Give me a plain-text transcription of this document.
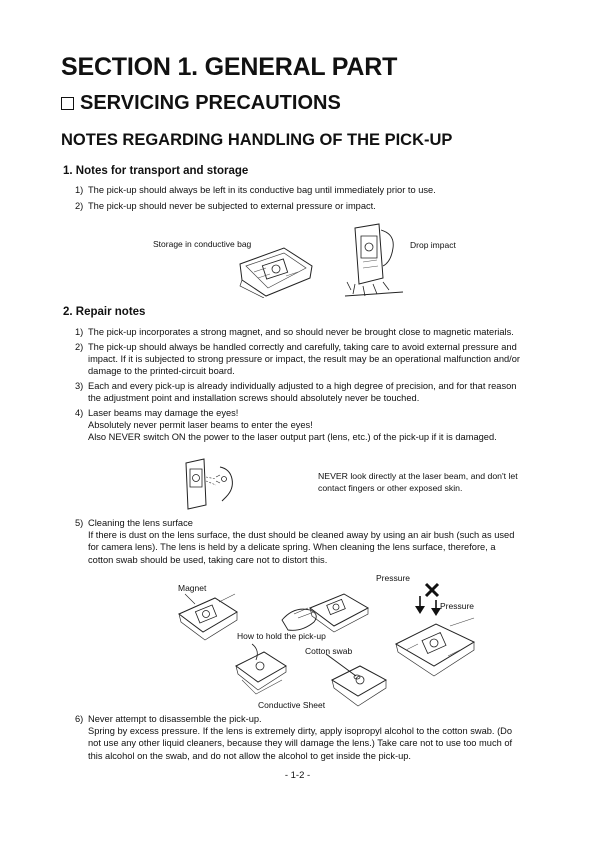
SECTION 1. GENERAL PART
SERVICING PRECAUTIONS
NOTES REGARDING HANDLING OF THE PICK-UP
1. Notes for transport and storage
1) The pick-up should always be left in its conductive bag until immediately prior to use.
2) The pick-up should never be subjected to external pressure or impact.
Storage in conductive bag	Drop impact
2. Repair notes
1) The pick-up incorporates a strong magnet, and so should never be brought close to magnetic materials.
2) The pick-up should always be handled correctly and carefully, taking care to avoid external pressure and
impact. If it is subjected to strong pressure or impact, the result may be an operational malfunction and/or
damage to the printed-circuit board.
3) Each and every pick-up is already individually adjusted to a high degree of precision, and for that reason
the adjustment point and installation screws should absolutely never be touched.
4) Laser beams may damage the eyes!
Absolutely never permit laser beams to enter the eyes!
Also NEVER switch ON the power to the laser output part (lens, etc.) of the pick-up if it is damaged.
NEVER look directly at the laser beam, and don't let
contact fingers or other exposed skin.
5) Cleaning the lens surface
If there is dust on the lens surface, the dust should be cleaned away by using an air bush (such as used
for camera lens). The lens is held by a delicate spring. When cleaning the lens surface, therefore, a
cotton swab should be used, taking care not to distort this.
Magnet
Pressure
Pressure
How to hold the pick-up
Cotton swab
Conductive Sheet
6) Never attempt to disassemble the pick-up.
Spring by excess pressure. If the lens is extremely dirty, apply isopropyl alcohol to the cotton swab. (Do
not use any other liquid cleaners, because they will damage the lens.) Take care not to use too much of
this alcohol on the swab, and do not allow the alcohol to get inside the pick-up.
- 1-2 -
